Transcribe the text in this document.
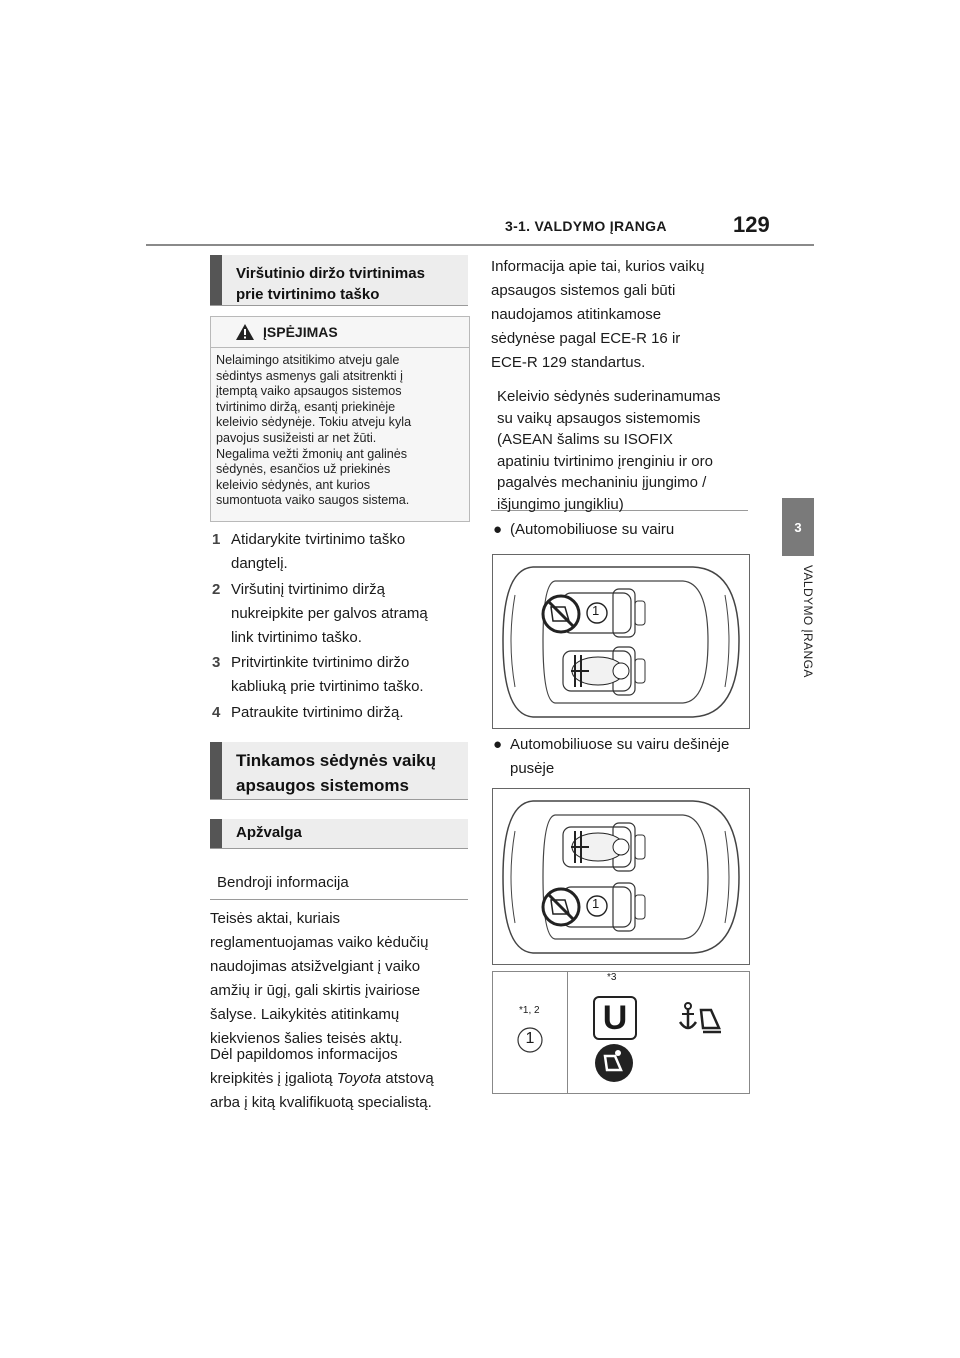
3-1. VALDYMO ĮRANGA	129
3
VALDYMO ĮRANGA
Viršutinio diržo tvirtinimas
prie tvirtinimo taško
ĮSPĖJIMAS
Nelaimingo atsitikimo atveju gale
sėdintys asmenys gali atsitrenkti į
įtemptą vaiko apsaugos sistemos
tvirtinimo diržą, esantį priekinėje
keleivio sėdynėje. Tokiu atveju kyla
pavojus susižeisti ar net žūti.
Negalima vežti žmonių ant galinės
sėdynės, esančios už priekinės
keleivio sėdynės, ant kurios
sumontuota vaiko saugos sistema.
1 Atidarykite tvirtinimo taško
dangtelį.
2 Viršutinį tvirtinimo diržą
nukreipkite per galvos atramą
link tvirtinimo taško.
3 Pritvirtinkite tvirtinimo diržo
kabliuką prie tvirtinimo taško.
4 Patraukite tvirtinimo diržą.
Tinkamos sėdynės vaikų
apsaugos sistemoms
Apžvalga
Bendroji informacija
Teisės aktai, kuriais
reglamentuojamas vaiko kėdučių
naudojimas atsižvelgiant į vaiko
amžių ir ūgį, gali skirtis įvairiose
šalyse. Laikykitės atitinkamų
kiekvienos šalies teisės aktų.
Dėl papildomos informacijos
kreipkitės į įgaliotą Toyota atstovą
arba į kitą kvalifikuotą specialistą.
Informacija apie tai, kurios vaikų
apsaugos sistemos gali būti
naudojamos atitinkamose
sėdynėse pagal ECE-R 16 ir
ECE-R 129 standartus.
Keleivio sėdynės suderinamumas
su vaikų apsaugos sistemomis
(ASEAN šalims su ISOFIX
apatiniu tvirtinimo įrenginiu ir oro
pagalvės mechaniniu įjungimo /
išjungimo jungikliu)
● (Automobiliuose su vairu
1
● Automobiliuose su vairu dešinėje
pusėje
1
*1, 2
1
*3
U
